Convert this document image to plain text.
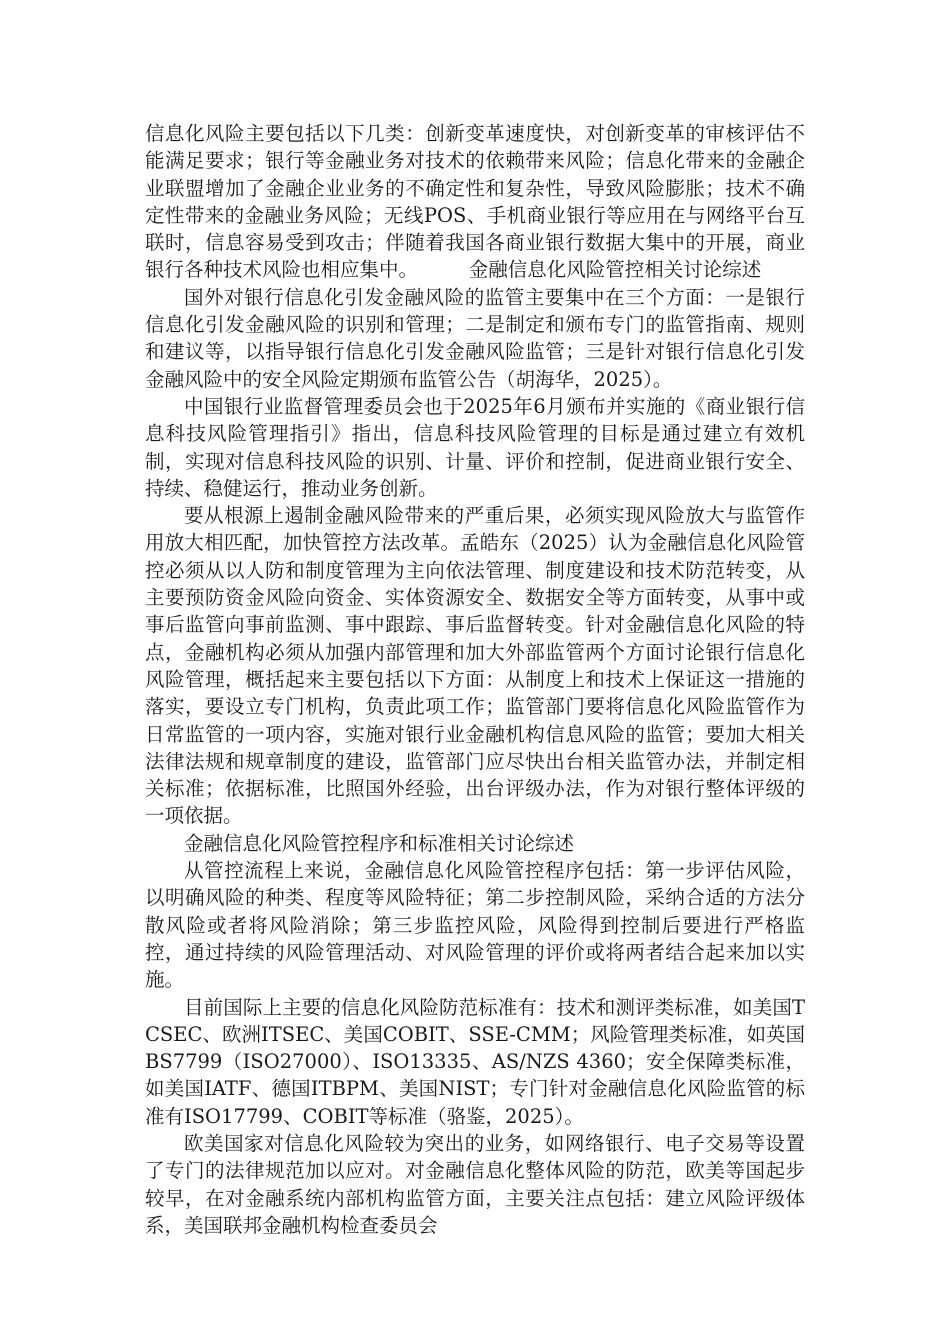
信息化风险主要包括以下几类：创新变革速度快，对创新变革的审核评估不能满足要求；银行等金融业务对技术的依赖带来风险；信息化带来的金融企业联盟增加了金融企业业务的不确定性和复杂性，导致风险膨胀；技术不确定性带来的金融业务风险；无线POS、手机商业银行等应用在与网络平台互联时，信息容易受到攻击；伴随着我国各商业银行数据大集中的开展，商业银行各种技术风险也相应集中。	金融信息化风险管控相关讨论综述

国外对银行信息化引发金融风险的监管主要集中在三个方面：一是银行信息化引发金融风险的识别和管理；二是制定和颁布专门的监管指南、规则和建议等，以指导银行信息化引发金融风险监管；三是针对银行信息化引发金融风险中的安全风险定期颁布监管公告（胡海华，2025）。

中国银行业监督管理委员会也于2025年6月颁布并实施的《商业银行信息科技风险管理指引》指出，信息科技风险管理的目标是通过建立有效机制，实现对信息科技风险的识别、计量、评价和控制，促进商业银行安全、持续、稳健运行，推动业务创新。

要从根源上遏制金融风险带来的严重后果，必须实现风险放大与监管作用放大相匹配，加快管控方法改革。孟皓东（2025）认为金融信息化风险管控必须从以人防和制度管理为主向依法管理、制度建设和技术防范转变，从主要预防资金风险向资金、实体资源安全、数据安全等方面转变，从事中或事后监管向事前监测、事中跟踪、事后监督转变。针对金融信息化风险的特点，金融机构必须从加强内部管理和加大外部监管两个方面讨论银行信息化风险管理，概括起来主要包括以下方面：从制度上和技术上保证这一措施的落实，要设立专门机构，负责此项工作；监管部门要将信息化风险监管作为日常监管的一项内容，实施对银行业金融机构信息风险的监管；要加大相关法律法规和规章制度的建设，监管部门应尽快出台相关监管办法，并制定相关标准；依据标准，比照国外经验，出台评级办法，作为对银行整体评级的一项依据。

金融信息化风险管控程序和标准相关讨论综述

从管控流程上来说，金融信息化风险管控程序包括：第一步评估风险，以明确风险的种类、程度等风险特征；第二步控制风险，采纳合适的方法分散风险或者将风险消除；第三步监控风险，风险得到控制后要进行严格监控，通过持续的风险管理活动、对风险管理的评价或将两者结合起来加以实施。

目前国际上主要的信息化风险防范标准有：技术和测评类标准，如美国TCSEC、欧洲ITSEC、美国COBIT、SSE-CMM；风险管理类标准，如英国BS7799（ISO27000）、ISO13335、AS/NZS 4360；安全保障类标准，如美国IATF、德国ITBPM、美国NIST；专门针对金融信息化风险监管的标准有ISO17799、COBIT等标准（骆鉴，2025）。

欧美国家对信息化风险较为突出的业务，如网络银行、电子交易等设置了专门的法律规范加以应对。对金融信息化整体风险的防范，欧美等国起步较早，在对金融系统内部机构监管方面，主要关注点包括：建立风险评级体系，美国联邦金融机构检查委员会
